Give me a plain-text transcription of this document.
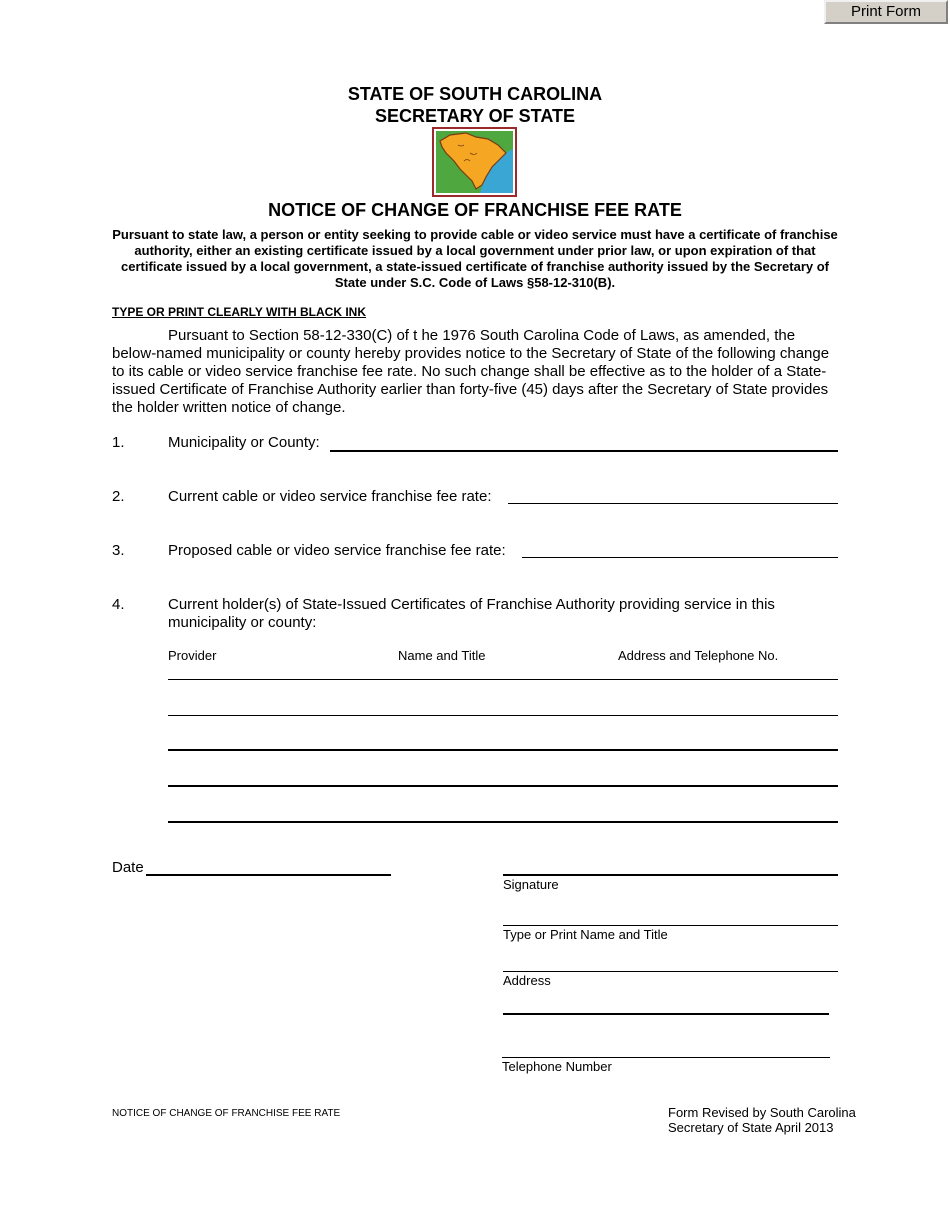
Print Form
STATE OF SOUTH CAROLINA
SECRETARY OF STATE
NOTICE OF CHANGE OF FRANCHISE FEE RATE
Pursuant to state law, a person or entity seeking to provide cable or video service must have a certificate of franchise authority, either an existing certificate issued by a local government under prior law, or upon expiration of that certificate issued by a local government, a state-issued certificate of franchise authority issued by the Secretary of State under S.C. Code of Laws §58-12-310(B).
TYPE OR PRINT CLEARLY WITH BLACK INK
Pursuant to Section 58-12-330(C) of t he 1976 South Carolina Code of Laws, as amended, the below-named municipality or county hereby provides notice to the Secretary of State of the following change to its cable or video service franchise fee rate. No such change shall be effective as to the holder of a State-issued Certificate of Franchise Authority earlier than forty-five (45) days after the Secretary of State provides the holder written notice of change.
1.	Municipality or County:
2.	Current cable or video service franchise fee rate:
3.	Proposed cable or video service franchise fee rate:
4.	Current holder(s) of State-Issued Certificates of Franchise Authority providing service in this municipality or county:
Provider	Name and Title	Address and Telephone No.
Date
Signature
Type or Print Name and Title
Address
Telephone Number
NOTICE OF CHANGE OF FRANCHISE FEE RATE	Form Revised by South Carolina
Secretary of State April 2013
